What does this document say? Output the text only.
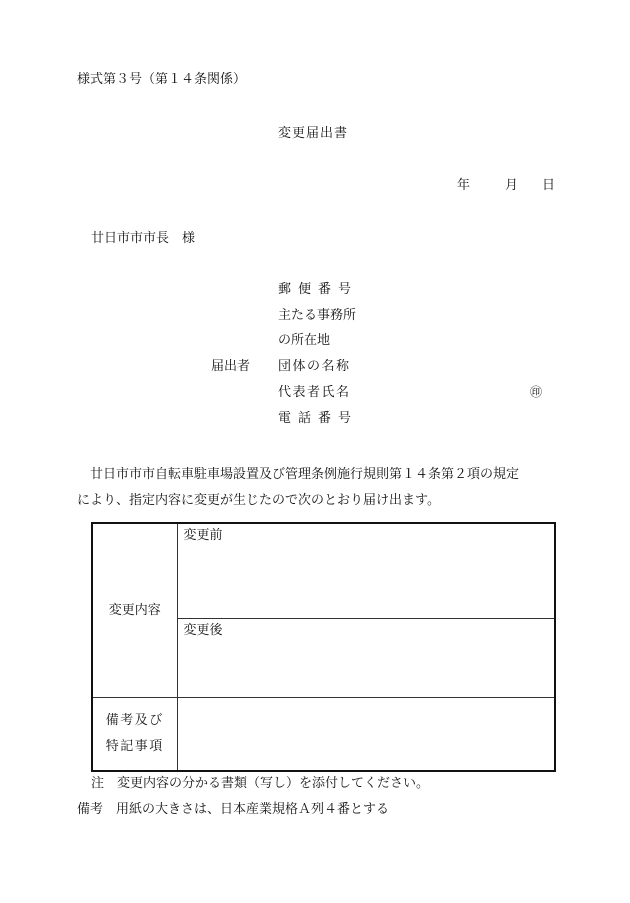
様式第３号（第１４条関係）
変更届出書
年	月 日
廿日市市市長　様
郵便番号
主たる事務所
の所在地
届出者 団体の名称
代表者氏名	㊞
電話番号
廿日市市市自転車駐車場設置及び管理条例施行規則第１４条第２項の規定
により、指定内容に変更が生じたので次のとおり届け出ます。
変更内容	変更前

	変更後

備考及び
特記事項	

注　変更内容の分かる書類（写し）を添付してください。
備考　用紙の大きさは、日本産業規格Ａ列４番とする
